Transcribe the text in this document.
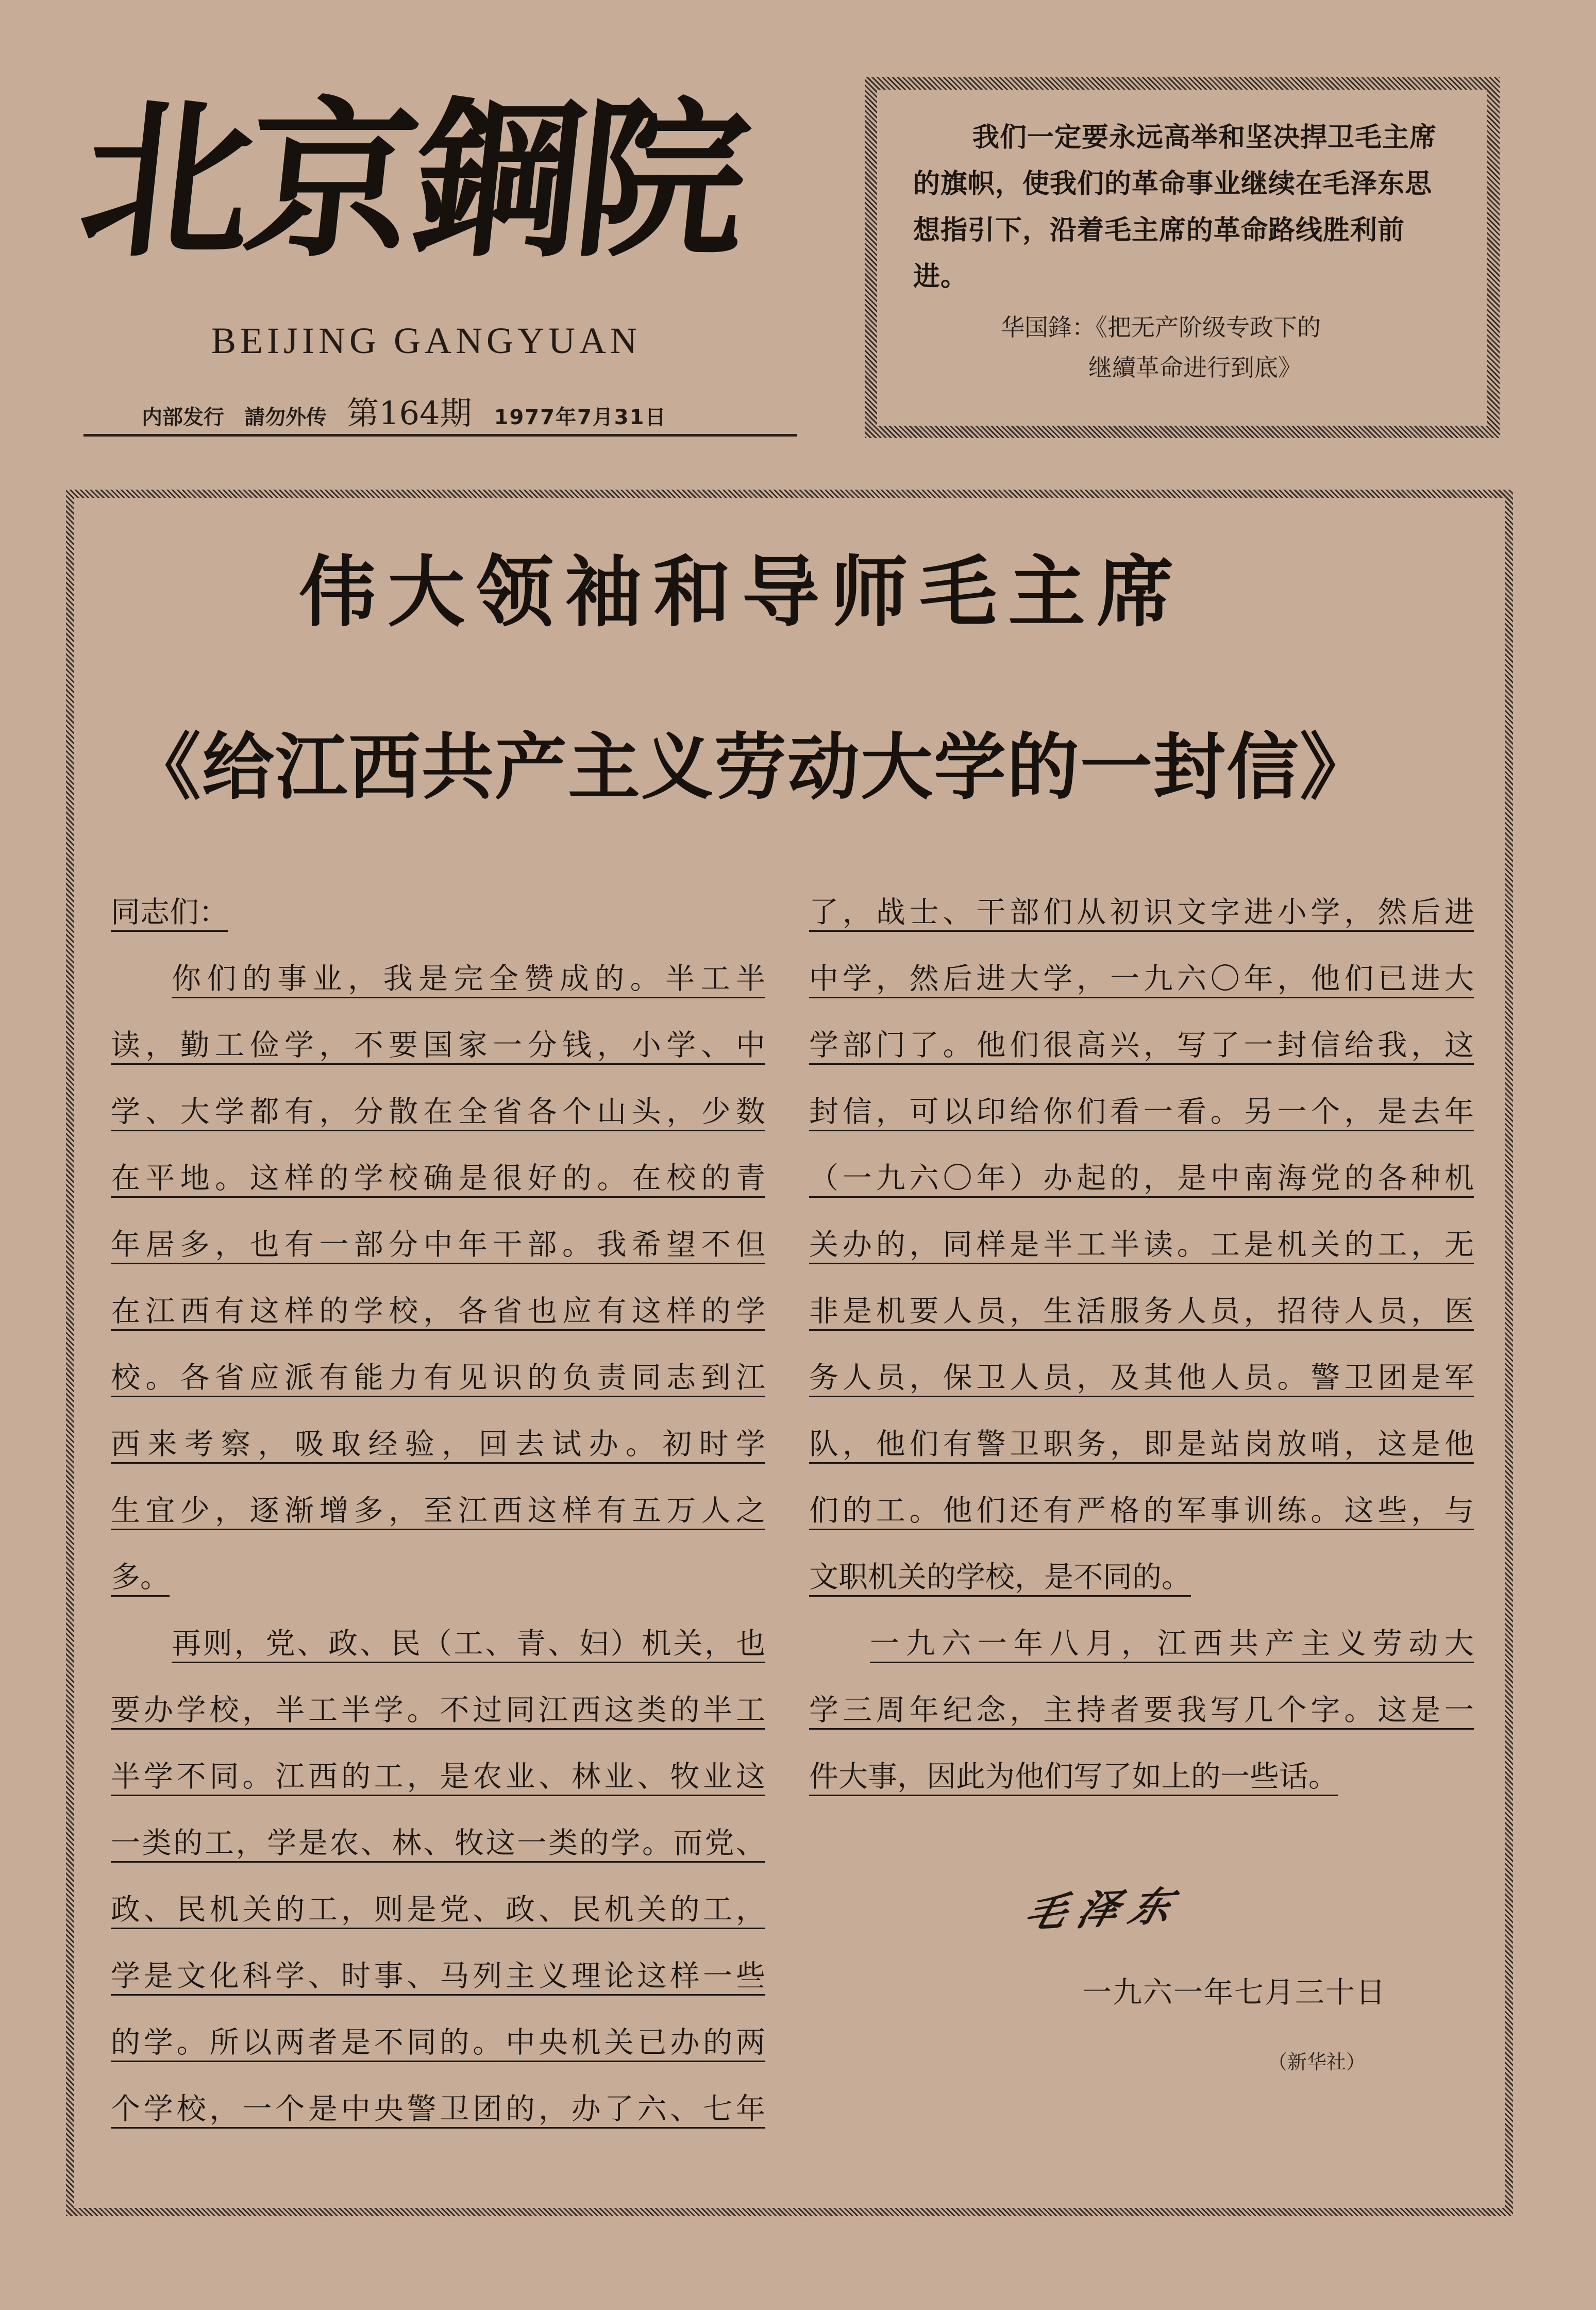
北京鋼院
BEIJING GANGYUAN
内部发行 請勿外传 第164期 1977年7月31日
我们一定要永远高举和坚决捍卫毛主席的旗帜，使我们的革命事业继续在毛泽东思想指引下，沿着毛主席的革命路线胜利前进。
华国鋒：《把无产阶级专政下的
继續革命进行到底》
伟大领袖和导师毛主席
《给江西共产主义劳动大学的一封信》
同志们：
你们的事业，我是完全赞成的。半工半
读，勤工俭学，不要国家一分钱，小学、中
学、大学都有，分散在全省各个山头，少数
在平地。这样的学校确是很好的。在校的青
年居多，也有一部分中年干部。我希望不但
在江西有这样的学校，各省也应有这样的学
校。各省应派有能力有见识的负责同志到江
西来考察，吸取经验，回去试办。初时学
生宜少，逐渐增多，至江西这样有五万人之
多。
再则，党、政、民（工、青、妇）机关，也
要办学校，半工半学。不过同江西这类的半工
半学不同。江西的工，是农业、林业、牧业这
一类的工，学是农、林、牧这一类的学。而党、
政、民机关的工，则是党、政、民机关的工，
学是文化科学、时事、马列主义理论这样一些
的学。所以两者是不同的。中央机关已办的两
个学校，一个是中央警卫团的，办了六、七年
了，战士、干部们从初识文字进小学，然后进
中学，然后进大学，一九六〇年，他们已进大
学部门了。他们很高兴，写了一封信给我，这
封信，可以印给你们看一看。另一个，是去年
（一九六〇年）办起的，是中南海党的各种机
关办的，同样是半工半读。工是机关的工，无
非是机要人员，生活服务人员，招待人员，医
务人员，保卫人员，及其他人员。警卫团是军
队，他们有警卫职务，即是站岗放哨，这是他
们的工。他们还有严格的军事训练。这些，与
文职机关的学校，是不同的。
一九六一年八月，江西共产主义劳动大
学三周年纪念，主持者要我写几个字。这是一
件大事，因此为他们写了如上的一些话。
毛泽东
一九六一年七月三十日
（新华社）
